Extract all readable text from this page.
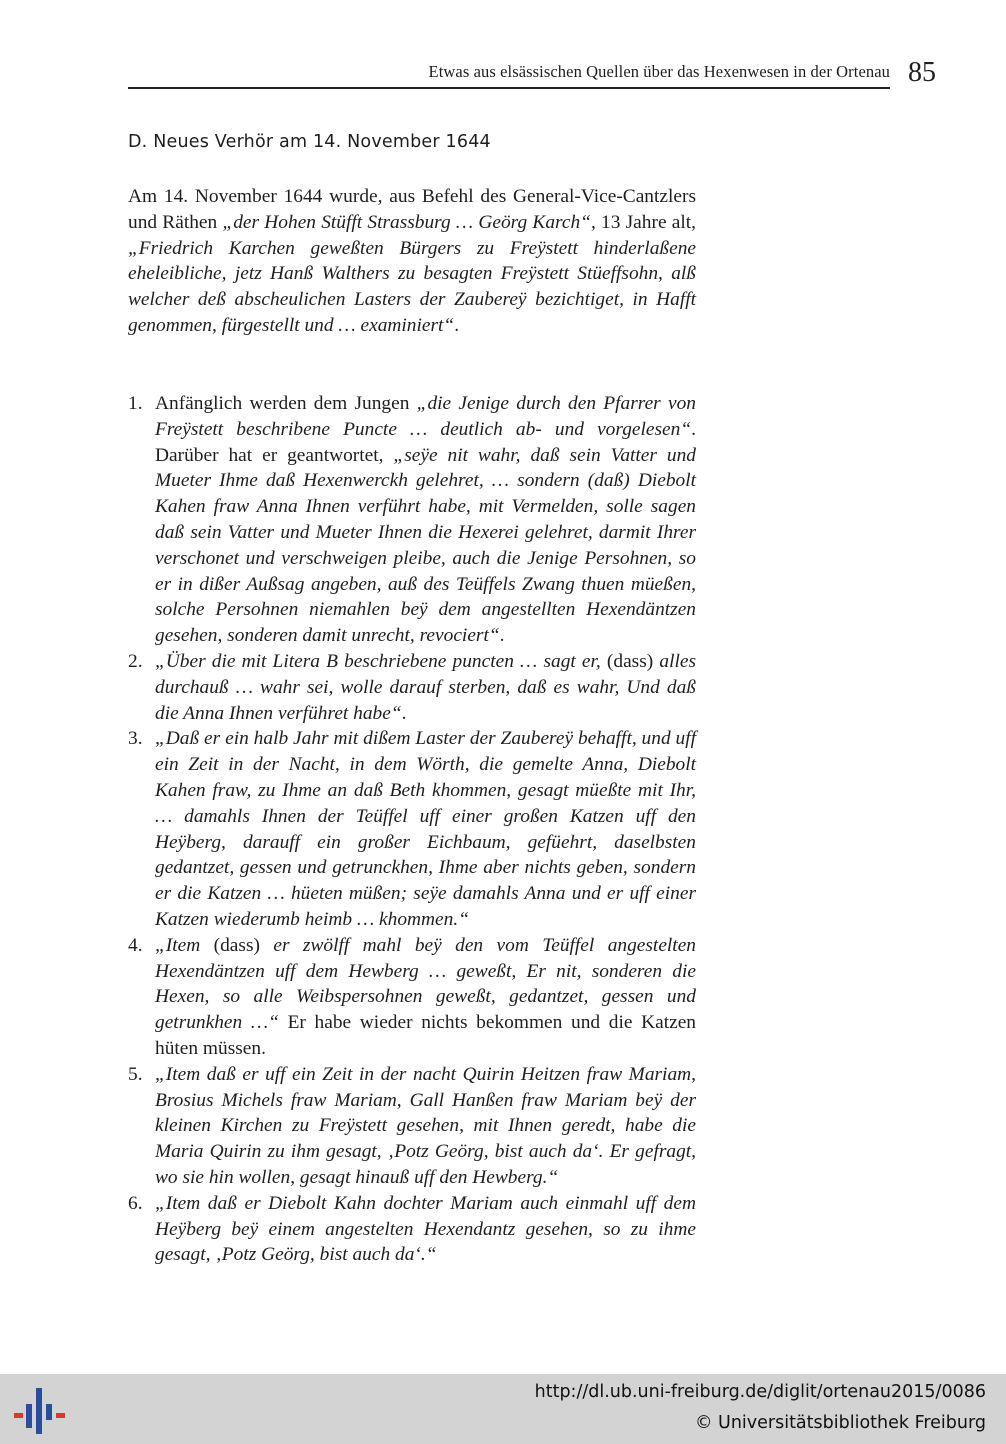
Etwas aus elsässischen Quellen über das Hexenwesen in der Ortenau 85
D. Neues Verhör am 14. November 1644

Am 14. November 1644 wurde, aus Befehl des General-Vice-Cantzlers und Räthen „der Hohen Stüfft Strassburg … Geörg Karch“, 13 Jahre alt, „Friedrich Karchen geweßten Bürgers zu Freÿstett hinderlaßene eheleibliche, jetz Hanß Walthers zu besagten Freÿstett Stüeffsohn, alß welcher deß abscheulichen Lasters der Zaubereÿ bezichtiget, in Hafft genommen, fürgestellt und … examiniert“.

1. Anfänglich werden dem Jungen „die Jenige durch den Pfarrer von Freÿstett beschribene Puncte … deutlich ab- und vorgelesen“. Darüber hat er geantwortet, „seÿe nit wahr, daß sein Vatter und Mueter Ihme daß Hexenwerckh gelehret, … sondern (daß) Diebolt Kahen fraw Anna Ihnen verführt habe, mit Vermelden, solle sagen daß sein Vatter und Mueter Ihnen die Hexerei gelehret, darmit Ihrer verschonet und verschweigen pleibe, auch die Jenige Persohnen, so er in dißer Außsag angeben, auß des Teüffels Zwang thuen müeßen, solche Persohnen niemahlen beÿ dem angestellten Hexendäntzen gesehen, sonderen damit unrecht, revociert“.
2. „Über die mit Litera B beschriebene puncten … sagt er, (dass) alles durchauß … wahr sei, wolle darauf sterben, daß es wahr, Und daß die Anna Ihnen verführet habe“.
3. „Daß er ein halb Jahr mit dißem Laster der Zaubereÿ behafft, und uff ein Zeit in der Nacht, in dem Wörth, die gemelte Anna, Diebolt Kahen fraw, zu Ihme an daß Beth khommen, gesagt müeßte mit Ihr, … damahls Ihnen der Teüffel uff einer großen Katzen uff den Heÿberg, darauff ein großer Eichbaum, gefüehrt, daselbsten gedantzet, gessen und getrunckhen, Ihme aber nichts geben, sondern er die Katzen … hüeten müßen; seÿe damahls Anna und er uff einer Katzen wiederumb heimb … khommen.“
4. „Item (dass) er zwölff mahl beÿ den vom Teüffel angestelten Hexendäntzen uff dem Hewberg … geweßt, Er nit, sonderen die Hexen, so alle Weibspersohnen geweßt, gedantzet, gessen und getrunkhen …“ Er habe wieder nichts bekommen und die Katzen hüten müssen.
5. „Item daß er uff ein Zeit in der nacht Quirin Heitzen fraw Mariam, Brosius Michels fraw Mariam, Gall Hanßen fraw Mariam beÿ der kleinen Kirchen zu Freÿstett gesehen, mit Ihnen geredt, habe die Maria Quirin zu ihm gesagt, ‚Potz Geörg, bist auch da‘. Er gefragt, wo sie hin wollen, gesagt hinauß uff den Hewberg.“
6. „Item daß er Diebolt Kahn dochter Mariam auch einmahl uff dem Heÿberg beÿ einem angestelten Hexendantz gesehen, so zu ihme gesagt, ‚Potz Geörg, bist auch da‘.“
http://dl.ub.uni-freiburg.de/diglit/ortenau2015/0086
© Universitätsbibliothek Freiburg
